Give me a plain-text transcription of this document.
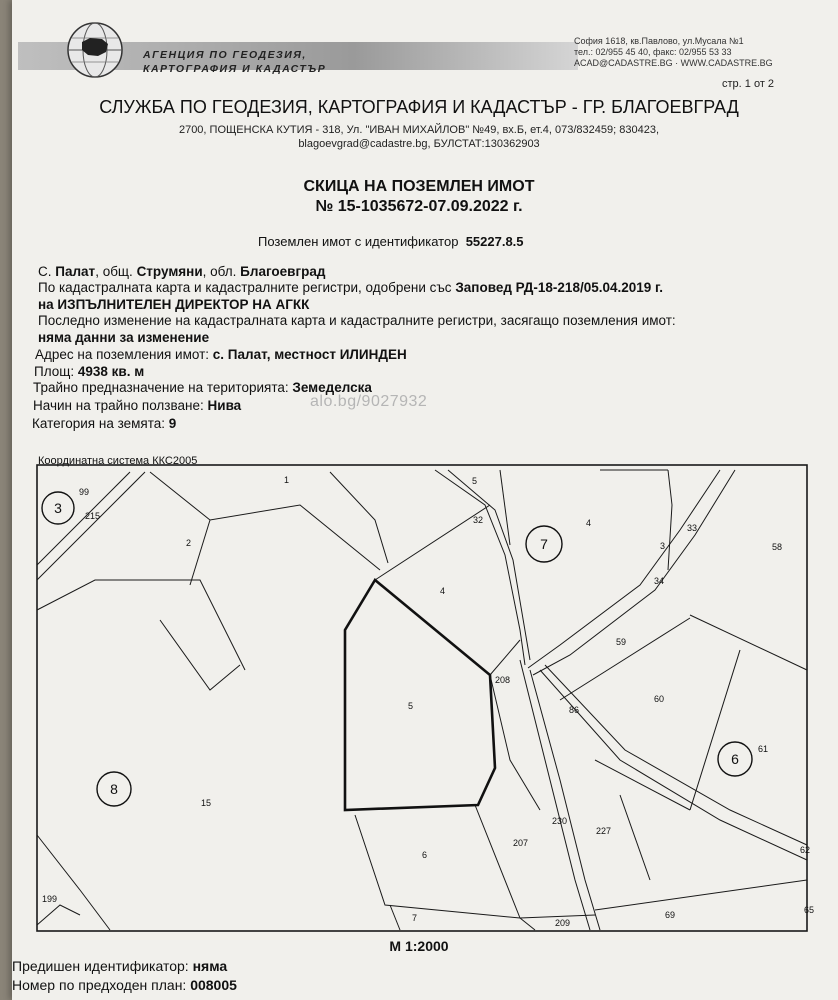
АГЕНЦИЯ ПО ГЕОДЕЗИЯ,
КАРТОГРАФИЯ И КАДАСТЪР
София 1618, кв.Павлово, ул.Мусала №1
тел.: 02/955 45 40, факс: 02/955 53 33
ACAD@CADASTRE.BG · WWW.CADASTRE.BG
стр. 1 от 2
СЛУЖБА ПО ГЕОДЕЗИЯ, КАРТОГРАФИЯ И КАДАСТЪР - ГР. БЛАГОЕВГРАД
2700, ПОЩЕНСКА КУТИЯ - 318, Ул. "ИВАН МИХАЙЛОВ" №49, вх.Б, ет.4, 073/832459; 830423,
blagoevgrad@cadastre.bg, БУЛСТАТ:130362903
СКИЦА НА ПОЗЕМЛЕН ИМОТ
№ 15-1035672-07.09.2022 г.
Поземлен имот с идентификатор 55227.8.5
С. Палат, общ. Струмяни, обл. Благоевград
По кадастралната карта и кадастралните регистри, одобрени със Заповед РД-18-218/05.04.2019 г.
на ИЗПЪЛНИТЕЛЕН ДИРЕКТОР НА АГКК
Последно изменение на кадастралната карта и кадастралните регистри, засягащо поземления имот:
няма данни за изменение
Адрес на поземления имот: с. Палат, местност ИЛИНДЕН
Площ: 4938 кв. м
Трайно предназначение на територията: Земеделска
Начин на трайно ползване: Нива
Категория на земята: 9
alo.bg/9027932
Координатна система ККС2005
3
7
8
6
99
215
1
2
5
32
4
4
3
33
58
34
59
208
5
60
86
61
15
230
227
207
6	62
199
7	209
69	65
М 1:2000
Предишен идентификатор: няма
Номер по предходен план: 008005
